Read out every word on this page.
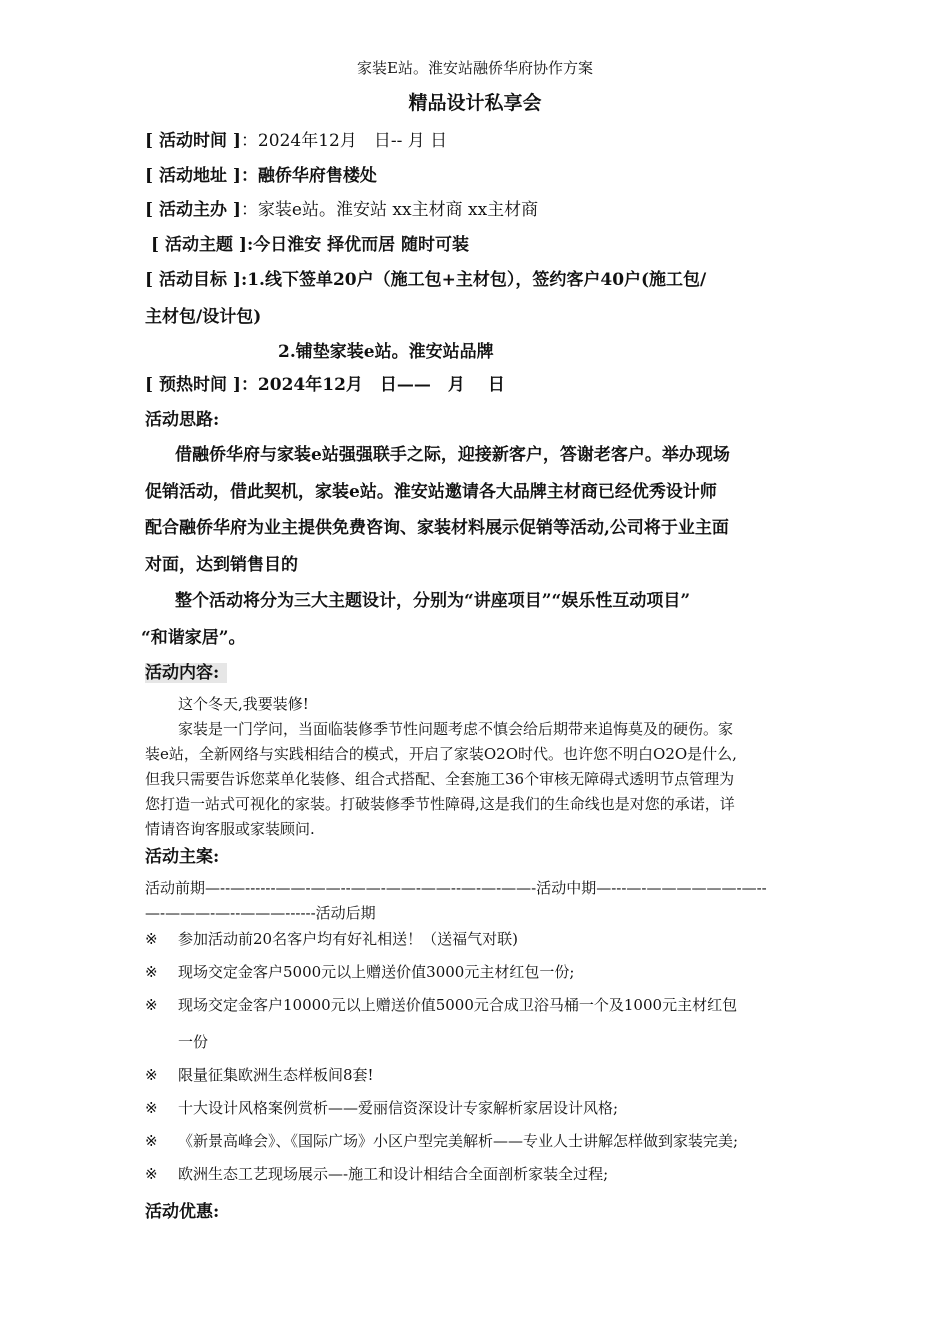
家装E站。淮安站融侨华府协作方案
精品设计私享会
[ 活动时间 ]：2024年12月　日-- 月 日
[ 活动地址 ]：融侨华府售楼处
[ 活动主办 ]：家装e站。淮安站 xx主材商 xx主材商
[ 活动主题 ]:今日淮安 择优而居 随时可装
[ 活动目标 ]:1.线下签单20户（施工包+主材包），签约客户40户(施工包/
主材包/设计包)
2.铺垫家装e站。淮安站品牌
[ 预热时间 ]：2024年12月　日——　月　 日
活动思路:
借融侨华府与家装e站强强联手之际，迎接新客户，答谢老客户。举办现场
促销活动，借此契机，家装e站。淮安站邀请各大品牌主材商已经优秀设计师
配合融侨华府为业主提供免费咨询、家装材料展示促销等活动,公司将于业主面
对面，达到销售目的
整个活动将分为三大主题设计，分别为“讲座项目”“娱乐性互动项目”
“和谐家居”。
活动内容:
这个冬天,我要装修!
家装是一门学问，当面临装修季节性问题考虑不慎会给后期带来追悔莫及的硬伤。家
装e站，全新网络与实践相结合的模式，开启了家装O2O时代。也许您不明白O2O是什么,
但我只需要告诉您菜单化装修、组合式搭配、全套施工36个审核无障碍式透明节点管理为
您打造一站式可视化的家装。打破装修季节性障碍,这是我们的生命线也是对您的承诺，详
情请咨询客服或家装顾问.
活动主案:
活动前期—--—------——-——--——-——-——--—-—-——-活动中期—---—-——————-—--
—-———-—--———------活动后期
※ 参加活动前20名客户均有好礼相送！（送福气对联)
※ 现场交定金客户5000元以上赠送价值3000元主材红包一份;
※ 现场交定金客户10000元以上赠送价值5000元合成卫浴马桶一个及1000元主材红包
一份
※ 限量征集欧洲生态样板间8套!
※ 十大设计风格案例赏析——爱丽信资深设计专家解析家居设计风格;
※ 《新景高峰会》、《国际广场》小区户型完美解析——专业人士讲解怎样做到家装完美;
※ 欧洲生态工艺现场展示—-施工和设计相结合全面剖析家装全过程;
活动优惠:
